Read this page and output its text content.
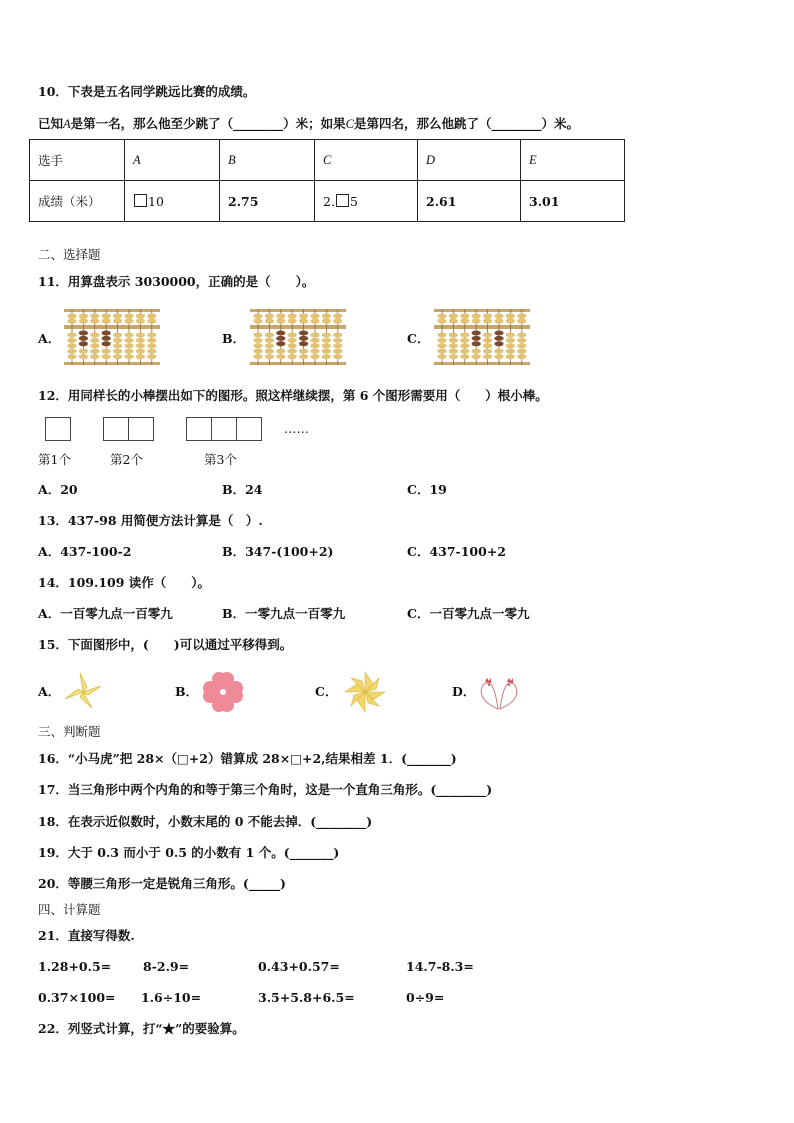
10．下表是五名同学跳远比赛的成绩。
已知A是第一名，那么他至少跳了（________）米；如果C是第四名，那么他跳了（________）米。
选手	A	B	C	D	E
成绩（米）	10	2.75	2. 5	2.61	3.01
二、选择题
11．用算盘表示 3030000，正确的是（　　）。
A．	B．	C．
12．用同样长的小棒摆出如下的图形。照这样继续摆，第 6 个图形需要用（　　）根小棒。
……
第1个	第2个	第3个
A．20	B．24	C．19
13．437-98 用简便方法计算是（　）.
A．437-100-2	B．347-(100+2)	C．437-100+2
14．109.109 读作（　　）。
A．一百零九点一百零九	B．一零九点一百零九	C．一百零九点一零九
15．下面图形中，(　　)可以通过平移得到。
A．	B．	C．	D．
三、判断题
16．“小马虎”把 28×（□+2）错算成 28×□+2,结果相差 1．(_______)
17．当三角形中两个内角的和等于第三个角时，这是一个直角三角形。(________)
18．在表示近似数时，小数末尾的 0 不能去掉．(________)
19．大于 0.3 而小于 0.5 的小数有 1 个。(_______)
20．等腰三角形一定是锐角三角形。(_____)
四、计算题
21．直接写得数.
1.28+0.5=	8-2.9=	0.43+0.57=	14.7-8.3=
0.37×100= 1.6÷10=	3.5+5.8+6.5=	0÷9=
22．列竖式计算，打“★”的要验算。
